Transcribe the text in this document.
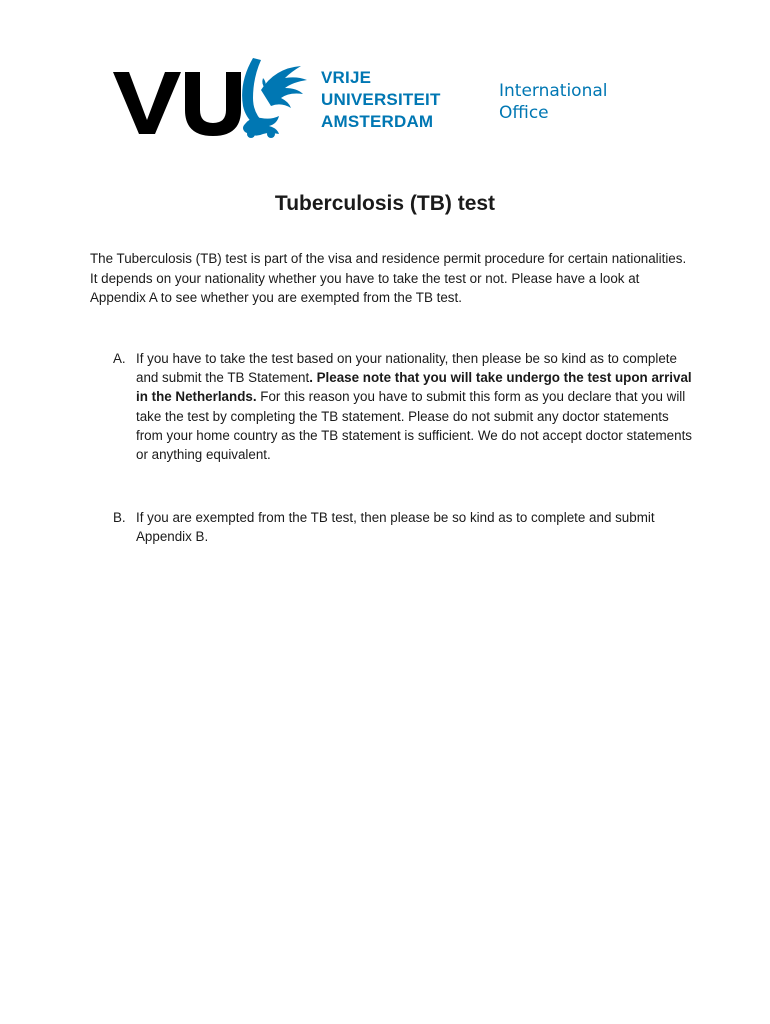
VRIJE
UNIVERSITEIT
AMSTERDAM
International
Office
Tuberculosis (TB) test
The Tuberculosis (TB) test is part of the visa and residence permit procedure for certain nationalities. It depends on your nationality whether you have to take the test or not. Please have a look at Appendix A to see whether you are exempted from the TB test.
A. If you have to take the test based on your nationality, then please be so kind as to complete and submit the TB Statement. Please note that you will take undergo the test upon arrival in the Netherlands. For this reason you have to submit this form as you declare that you will take the test by completing the TB statement. Please do not submit any doctor statements from your home country as the TB statement is sufficient. We do not accept doctor statements or anything equivalent.
B. If you are exempted from the TB test, then please be so kind as to complete and submit Appendix B.
